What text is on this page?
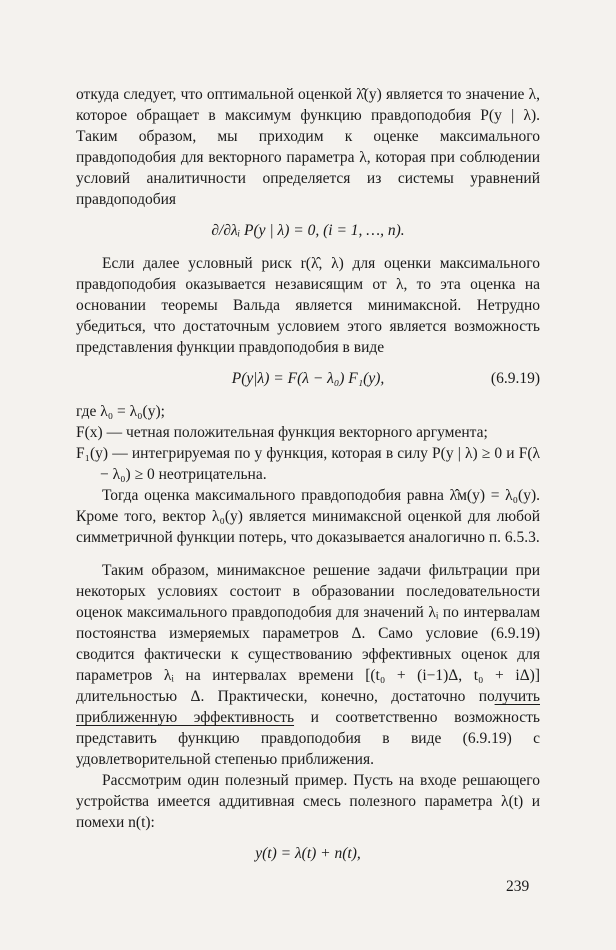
откуда следует, что оптимальной оценкой λ̂(y) является то значение λ, которое обращает в максимум функцию правдоподобия P(y | λ). Таким образом, мы приходим к оценке максимального правдоподобия для векторного параметра λ, которая при соблюдении условий аналитичности определяется из системы уравнений правдоподобия

∂/∂λᵢ P(y | λ) = 0, (i = 1, …, n).

Если далее условный риск r(λ̂, λ) для оценки максимального правдоподобия оказывается независящим от λ, то эта оценка на основании теоремы Вальда является минимаксной. Нетрудно убедиться, что достаточным условием этого является возможность представления функции правдоподобия в виде

P(y|λ) = F(λ − λ₀) F₁(y),	(6.9.19)

где λ₀ = λ₀(y);

F(x) — четная положительная функция векторного аргумента;

F₁(y) — интегрируемая по y функция, которая в силу P(y | λ) ≥ 0 и F(λ − λ₀) ≥ 0 неотрицательна.

Тогда оценка максимального правдоподобия равна λ̂м(y) = λ₀(y). Кроме того, вектор λ₀(y) является минимаксной оценкой для любой симметричной функции потерь, что доказывается аналогично п. 6.5.3.

Таким образом, минимаксное решение задачи фильтрации при некоторых условиях состоит в образовании последовательности оценок максимального правдоподобия для значений λᵢ по интервалам постоянства измеряемых параметров Δ. Само условие (6.9.19) сводится фактически к существованию эффективных оценок для параметров λᵢ на интервалах времени [(t₀ + (i−1)Δ, t₀ + iΔ)] длительностью Δ. Практически, конечно, достаточно получить приближенную эффективность и соответственно возможность представить функцию правдоподобия в виде (6.9.19) с удовлетворительной степенью приближения.

Рассмотрим один полезный пример. Пусть на входе решающего устройства имеется аддитивная смесь полезного параметра λ(t) и помехи n(t):

y(t) = λ(t) + n(t),
239
